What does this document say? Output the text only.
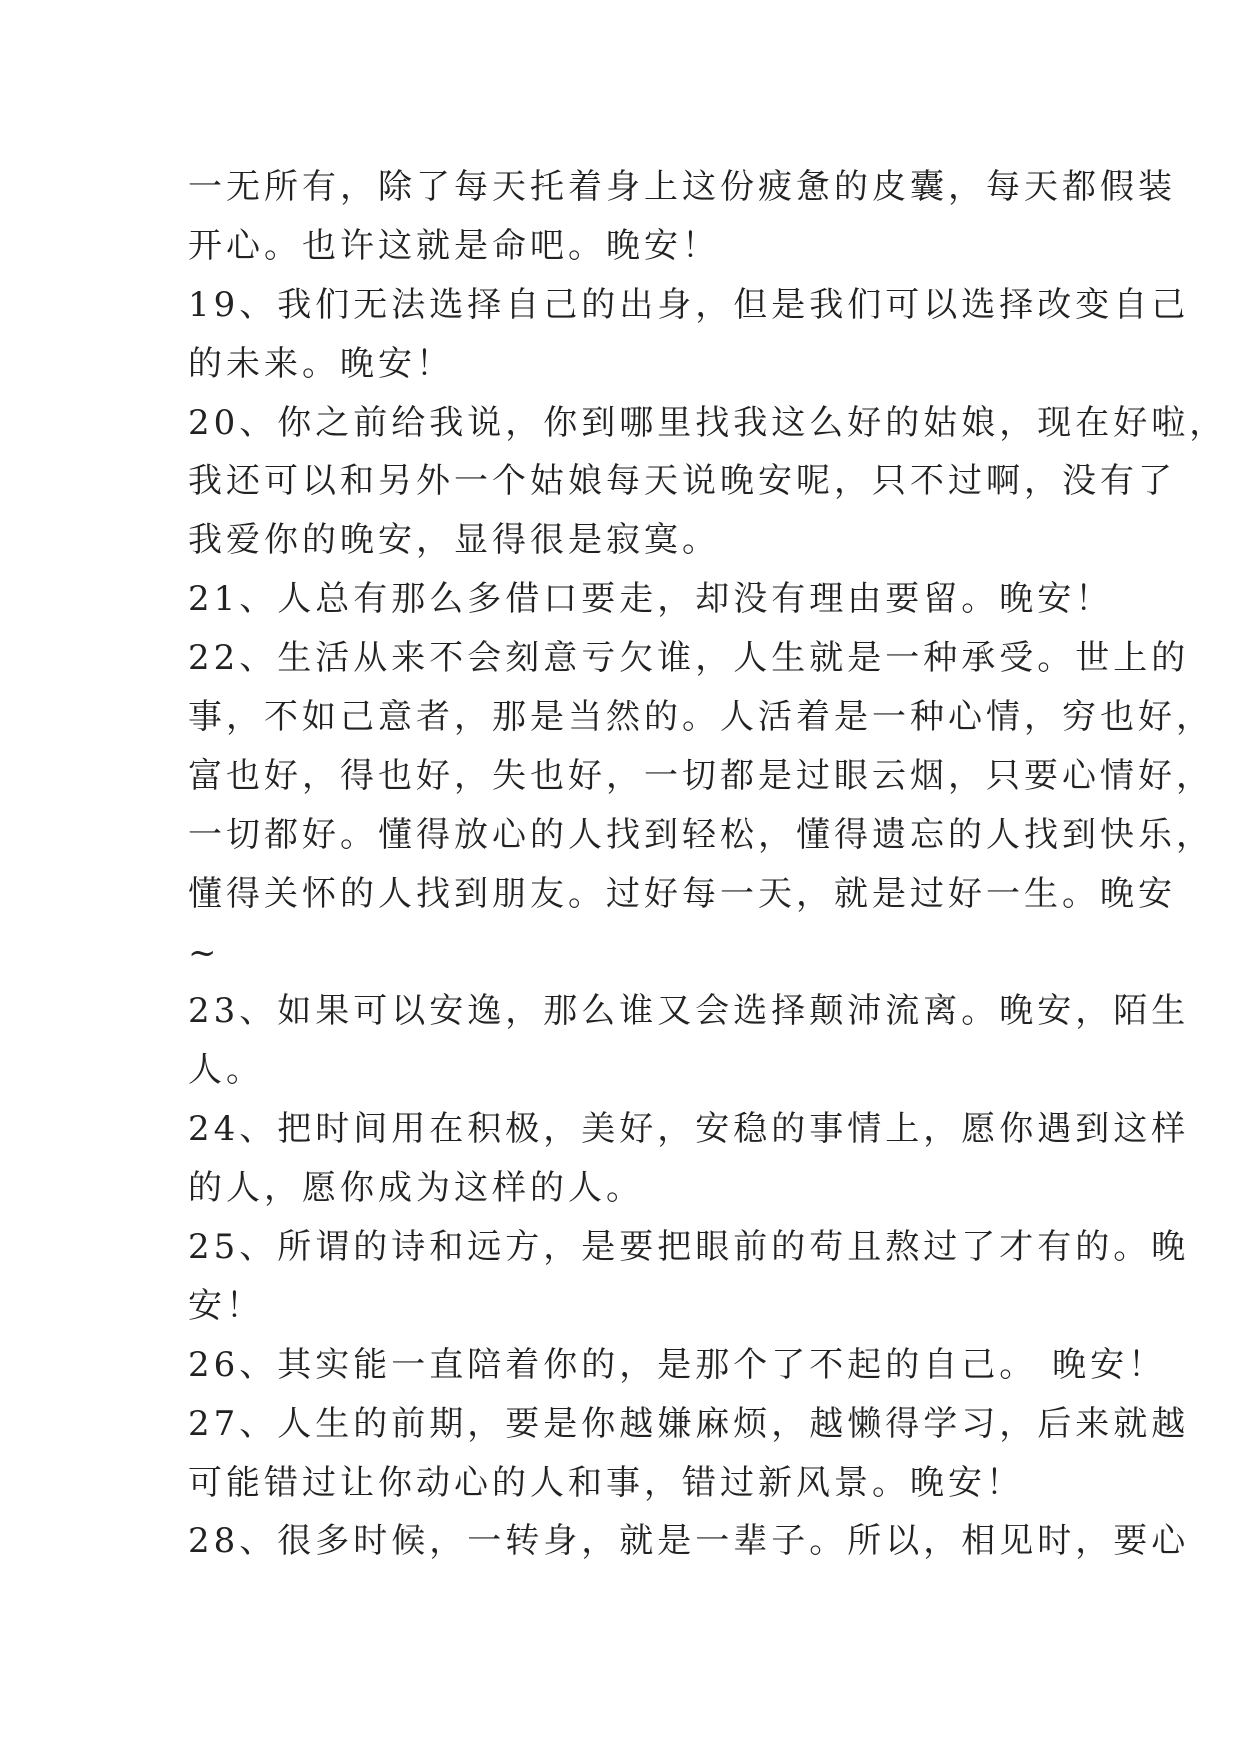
一无所有，除了每天托着身上这份疲惫的皮囊，每天都假装
开心。也许这就是命吧。晚安！
19、我们无法选择自己的出身，但是我们可以选择改变自己
的未来。晚安！
20、你之前给我说，你到哪里找我这么好的姑娘，现在好啦，
我还可以和另外一个姑娘每天说晚安呢，只不过啊，没有了
我爱你的晚安，显得很是寂寞。
21、人总有那么多借口要走，却没有理由要留。晚安！
22、生活从来不会刻意亏欠谁，人生就是一种承受。世上的
事，不如己意者，那是当然的。人活着是一种心情，穷也好，
富也好，得也好，失也好，一切都是过眼云烟，只要心情好，
一切都好。懂得放心的人找到轻松，懂得遗忘的人找到快乐，
懂得关怀的人找到朋友。过好每一天，就是过好一生。晚安
~
23、如果可以安逸，那么谁又会选择颠沛流离。晚安，陌生
人。
24、把时间用在积极，美好，安稳的事情上，愿你遇到这样
的人，愿你成为这样的人。
25、所谓的诗和远方，是要把眼前的苟且熬过了才有的。晚
安！
26、其实能一直陪着你的，是那个了不起的自己。 晚安！
27、人生的前期，要是你越嫌麻烦，越懒得学习，后来就越
可能错过让你动心的人和事，错过新风景。晚安！
28、很多时候，一转身，就是一辈子。所以，相见时，要心
